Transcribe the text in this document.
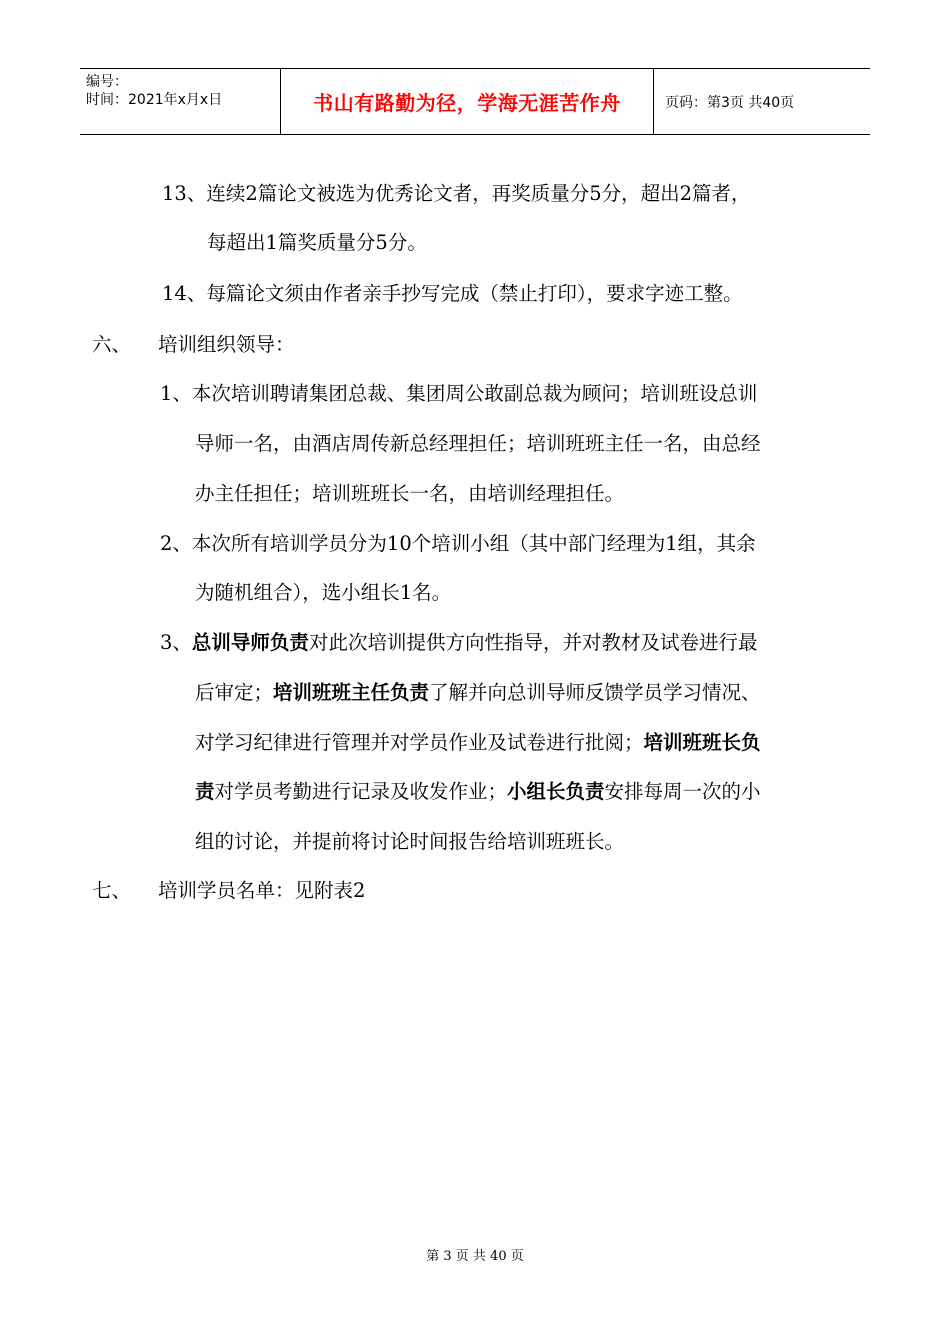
编号：
时间：2021年x月x日	书山有路勤为径，学海无涯苦作舟	页码：第3页 共40页
13、连续2篇论文被选为优秀论文者，再奖质量分5分，超出2篇者，
每超出1篇奖质量分5分。
14、每篇论文须由作者亲手抄写完成（禁止打印），要求字迹工整。
六、 培训组织领导：
1、本次培训聘请集团总裁、集团周公敢副总裁为顾问；培训班设总训
导师一名，由酒店周传新总经理担任；培训班班主任一名，由总经
办主任担任；培训班班长一名，由培训经理担任。
2、本次所有培训学员分为10个培训小组（其中部门经理为1组，其余
为随机组合），选小组长1名。
3、总训导师负责对此次培训提供方向性指导，并对教材及试卷进行最
后审定；培训班班主任负责了解并向总训导师反馈学员学习情况、
对学习纪律进行管理并对学员作业及试卷进行批阅；培训班班长负
责对学员考勤进行记录及收发作业；小组长负责安排每周一次的小
组的讨论，并提前将讨论时间报告给培训班班长。
七、 培训学员名单：见附表2
第 3 页 共 40 页
